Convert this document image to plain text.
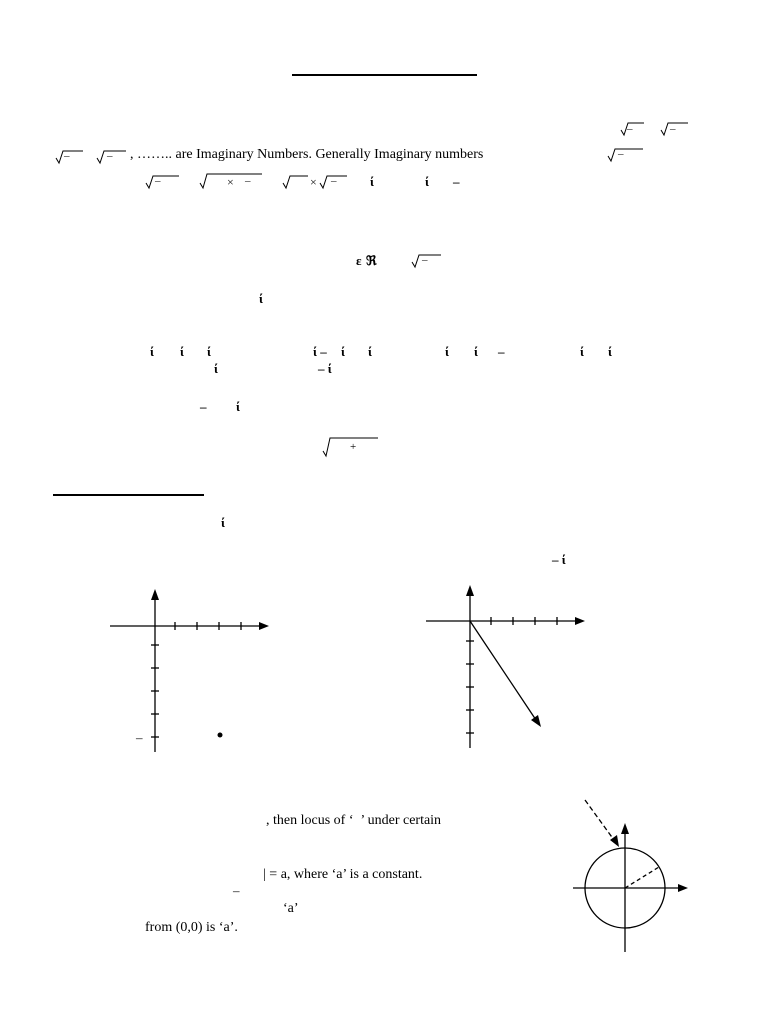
–	–
–	– , …….. are Imaginary Numbers. Generally Imaginary numbers	–
–	× –	× –	ί	ί –
ε ℜ	–
ί
ί ί ί	ί – ί ί	ί ί –	ί ί
ί	– ί
– ί
+
ί
– ί
–
, then locus of ‘  ’ under certain
| = a, where ‘a’ is a constant.
–
‘a’
from (0,0) is ‘a’.
